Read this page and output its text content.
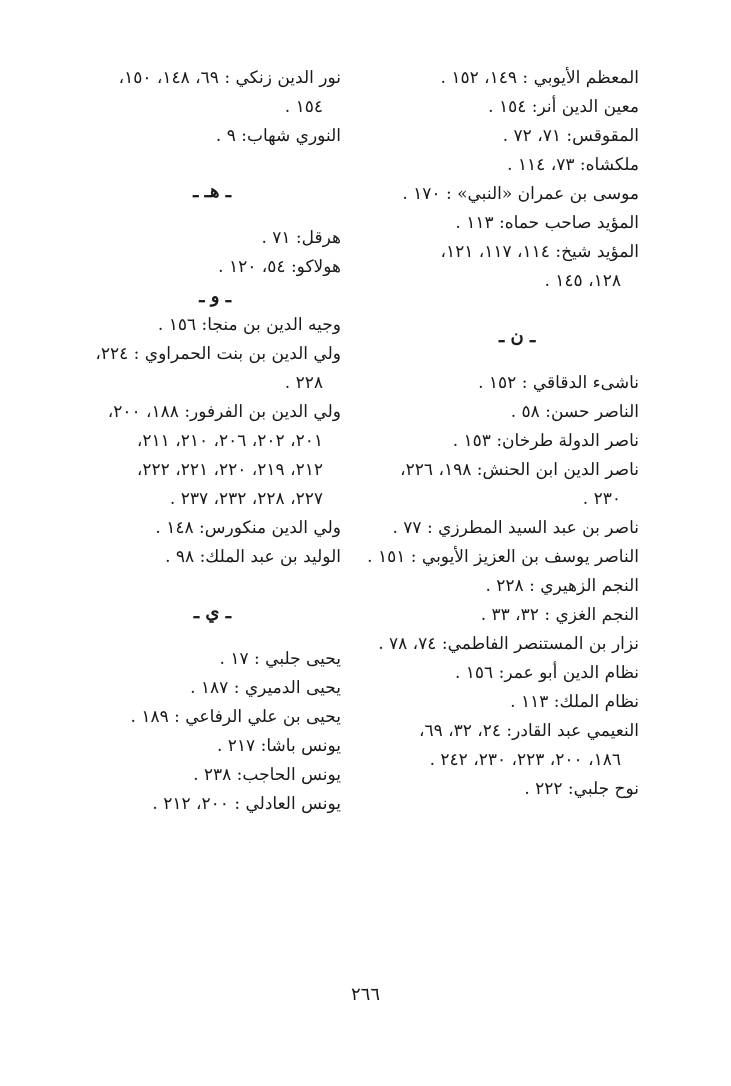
المعظم الأيوبي : ١٤٩، ١٥٢ .
معين الدين أنر: ١٥٤ .
المقوقس: ٧١، ٧٢ .
ملكشاه: ٧٣، ١١٤ .
موسى بن عمران «النبي» : ١٧٠ .
المؤيد صاحب حماه: ١١٣ .
المؤيد شيخ: ١١٤، ١١٧، ١٢١،
١٢٨، ١٤٥ .
ـ ن ـ
ناشىء الدقاقي : ١٥٢ .
الناصر حسن: ٥٨ .
ناصر الدولة طرخان: ١٥٣ .
ناصر الدين ابن الحنش: ١٩٨، ٢٢٦،
٢٣٠ .
ناصر بن عبد السيد المطرزي : ٧٧ .
الناصر يوسف بن العزيز الأيوبي : ١٥١ .
النجم الزهيري : ٢٢٨ .
النجم الغزي : ٣٢، ٣٣ .
نزار بن المستنصر الفاطمي: ٧٤، ٧٨ .
نظام الدين أبو عمر: ١٥٦ .
نظام الملك: ١١٣ .
النعيمي عبد القادر: ٢٤، ٣٢، ٦٩،
١٨٦، ٢٠٠، ٢٢٣، ٢٣٠، ٢٤٢ .
نوح جلبي: ٢٢٢ .
نور الدين زنكي : ٦٩، ١٤٨، ١٥٠،
١٥٤ .
النوري شهاب: ٩ .
ـ هـ ـ
هرقل: ٧١ .
هولاكو: ٥٤، ١٢٠ .
ـ و ـ
وجيه الدين بن منجا: ١٥٦ .
ولي الدين بن بنت الحمراوي : ٢٢٤،
٢٢٨ .
ولي الدين بن الفرفور: ١٨٨، ٢٠٠،
٢٠١، ٢٠٢، ٢٠٦، ٢١٠، ٢١١،
٢١٢، ٢١٩، ٢٢٠، ٢٢١، ٢٢٢،
٢٢٧، ٢٢٨، ٢٣٢، ٢٣٧ .
ولي الدين منكورس: ١٤٨ .
الوليد بن عبد الملك: ٩٨ .
ـ ي ـ
يحيى جلبي : ١٧ .
يحيى الدميري : ١٨٧ .
يحيى بن علي الرفاعي : ١٨٩ .
يونس باشا: ٢١٧ .
يونس الحاجب: ٢٣٨ .
يونس العادلي : ٢٠٠، ٢١٢ .
٢٦٦
